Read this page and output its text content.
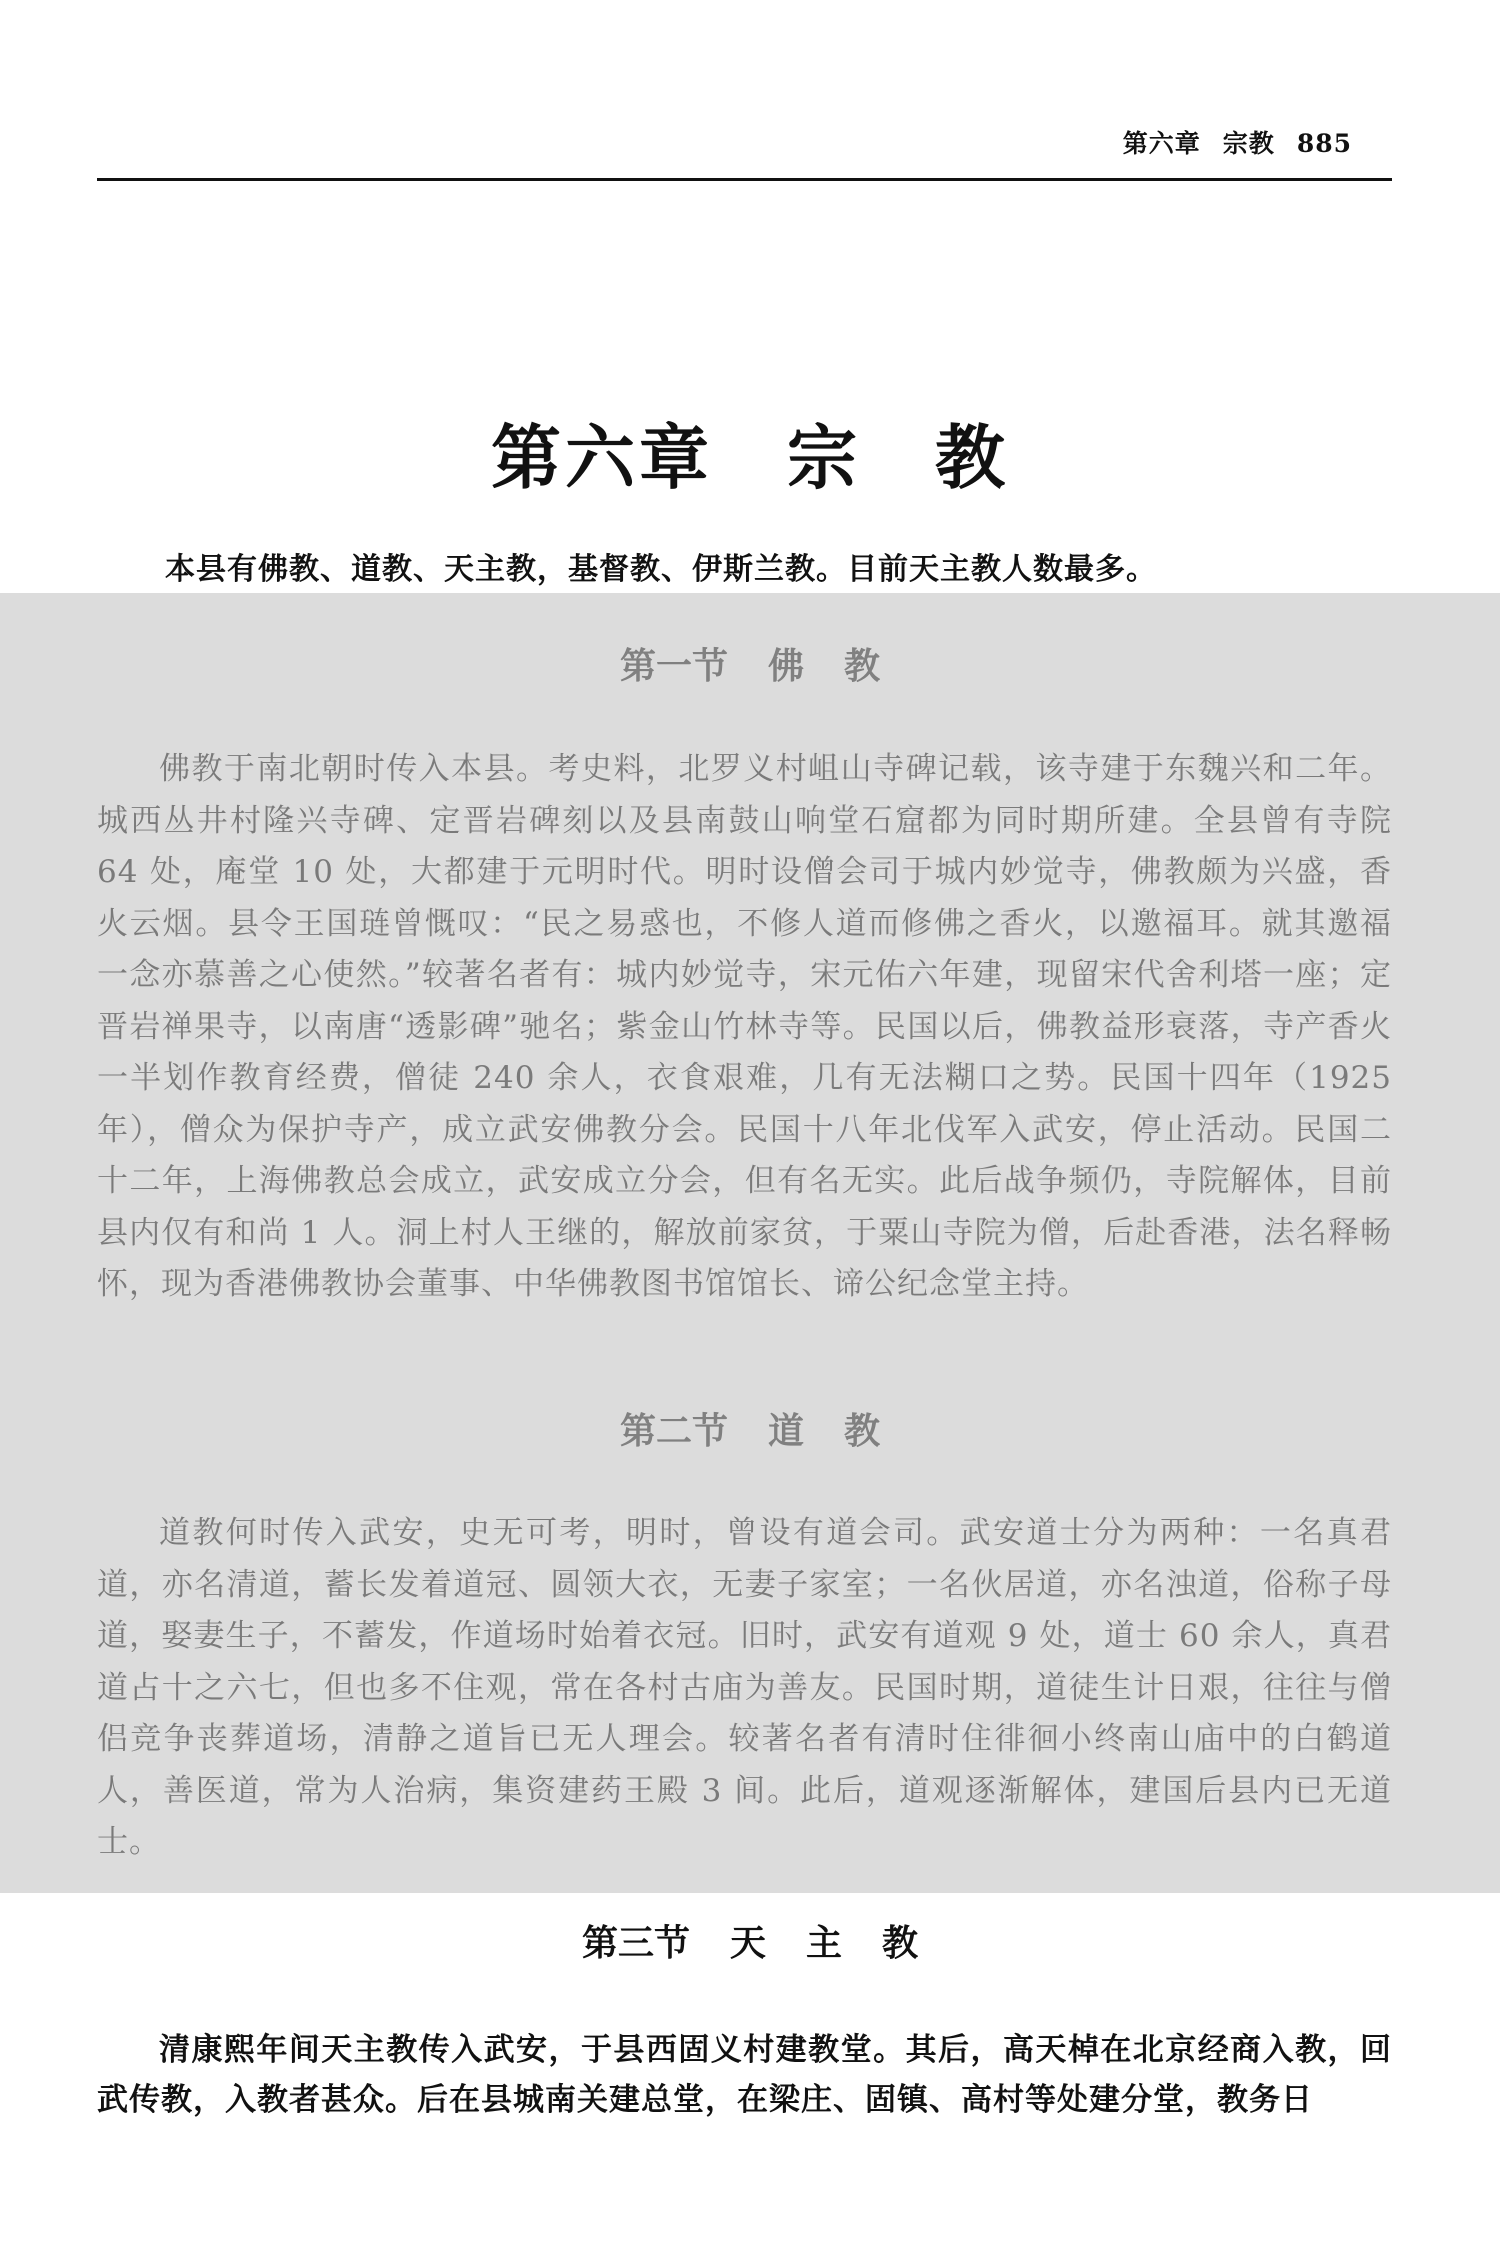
第六章 宗教 885
第六章　宗　教
本县有佛教、道教、天主教，基督教、伊斯兰教。目前天主教人数最多。
第一节 佛 教
佛教于南北朝时传入本县。考史料，北罗义村岨山寺碑记载，该寺建于东魏兴和二年。城西丛井村隆兴寺碑、定晋岩碑刻以及县南鼓山响堂石窟都为同时期所建。全县曾有寺院 64 处，庵堂 10 处，大都建于元明时代。明时设僧会司于城内妙觉寺，佛教颇为兴盛，香火云烟。县令王国琏曾慨叹：“民之易惑也，不修人道而修佛之香火，以邀福耳。就其邀福一念亦慕善之心使然。”较著名者有：城内妙觉寺，宋元佑六年建，现留宋代舍利塔一座；定晋岩禅果寺，以南唐“透影碑”驰名；紫金山竹林寺等。民国以后，佛教益形衰落，寺产香火一半划作教育经费，僧徒 240 余人，衣食艰难，几有无法糊口之势。民国十四年（1925 年），僧众为保护寺产，成立武安佛教分会。民国十八年北伐军入武安，停止活动。民国二十二年，上海佛教总会成立，武安成立分会，但有名无实。此后战争频仍，寺院解体，目前县内仅有和尚 1 人。洞上村人王继的，解放前家贫，于粟山寺院为僧，后赴香港，法名释畅怀，现为香港佛教协会董事、中华佛教图书馆馆长、谛公纪念堂主持。
第二节 道 教
道教何时传入武安，史无可考，明时，曾设有道会司。武安道士分为两种：一名真君道，亦名清道，蓄长发着道冠、圆领大衣，无妻子家室；一名伙居道，亦名浊道，俗称子母道，娶妻生子，不蓄发，作道场时始着衣冠。旧时，武安有道观 9 处，道士 60 余人，真君道占十之六七，但也多不住观，常在各村古庙为善友。民国时期，道徒生计日艰，往往与僧侣竞争丧葬道场，清静之道旨已无人理会。较著名者有清时住徘徊小终南山庙中的白鹤道人，善医道，常为人治病，集资建药王殿 3 间。此后，道观逐渐解体，建国后县内已无道士。
第三节 天 主 教
清康熙年间天主教传入武安，于县西固义村建教堂。其后，高天棹在北京经商入教，回武传教，入教者甚众。后在县城南关建总堂，在梁庄、固镇、高村等处建分堂，教务日
